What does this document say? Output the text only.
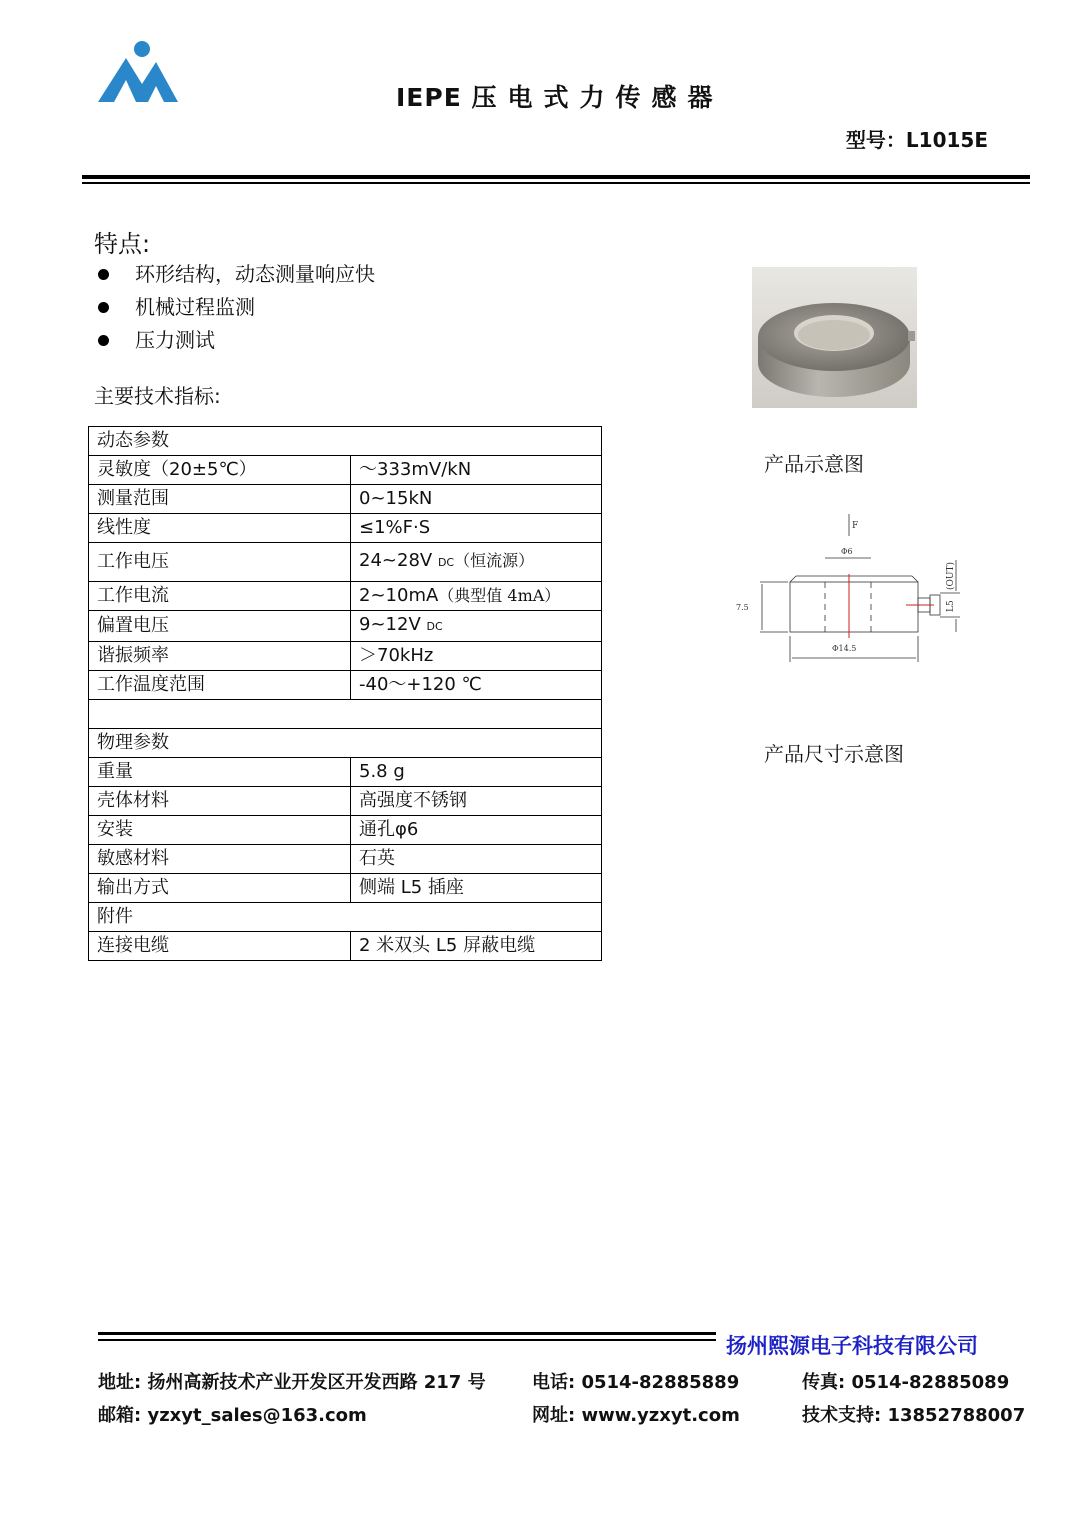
IEPE 压电式力传感器
型号：L1015E
特点:
环形结构，动态测量响应快
机械过程监测
压力测试
主要技术指标:
动态参数	
灵敏度（20±5℃）	～333mV/kN
测量范围	0~15kN
线性度	≤1%F·S
工作电压	24~28V DC（恒流源）
工作电流	2~10mA（典型值 4mA）
偏置电压	9~12V DC
谐振频率	＞70kHz
工作温度范围	-40～+120 ℃

物理参数	
重量	5.8 g
壳体材料	高强度不锈钢
安装	通孔φ6
敏感材料	石英
输出方式	侧端 L5 插座
附件	
连接电缆	2 米双头 L5 屏蔽电缆
产品示意图
F
Φ6
7.5
Φ14.5
L5
(OUT)
产品尺寸示意图
扬州熙源电子科技有限公司
地址: 扬州高新技术产业开发区开发西路 217 号	电话: 0514-82885889	传真: 0514-82885089
邮箱: yzxyt_sales@163.com	网址: www.yzxyt.com	技术支持: 13852788007
